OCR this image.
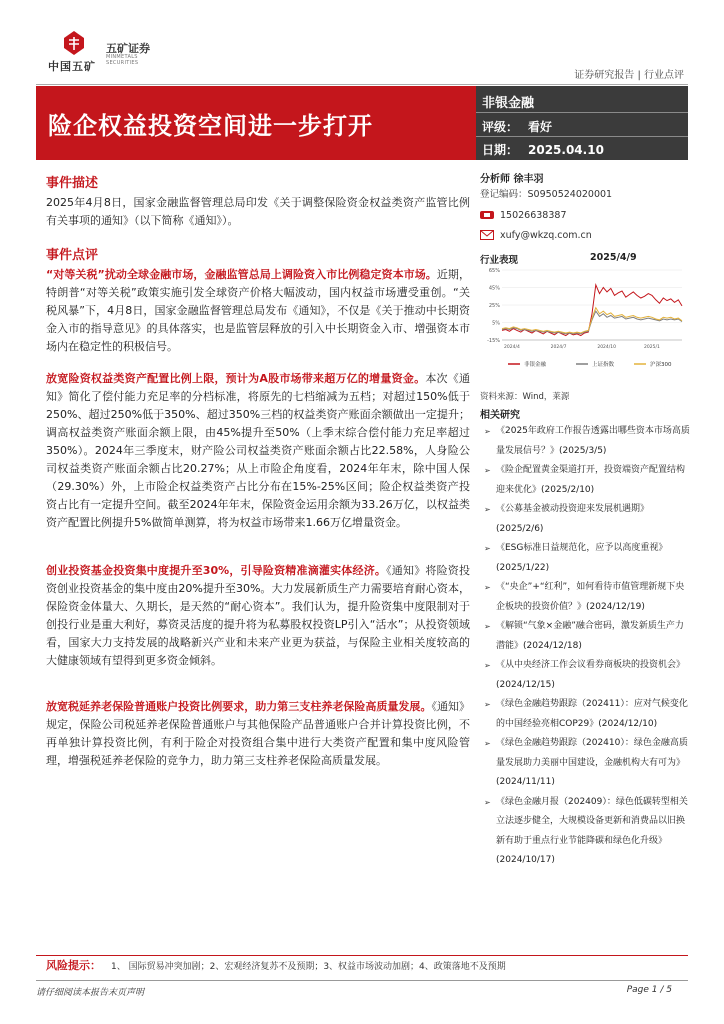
中国五矿
五矿证券
MINMETALS SECURITIES
证券研究报告 | 行业点评
险企权益投资空间进一步打开
非银金融
评级： 看好
日期： 2025.04.10
事件描述
2025年4月8日，国家金融监督管理总局印发《关于调整保险资金权益类资产监管比例有关事项的通知》（以下简称《通知》）。
事件点评
“对等关税”扰动全球金融市场，金融监管总局上调险资入市比例稳定资本市场。近期，特朗普“对等关税”政策实施引发全球资产价格大幅波动，国内权益市场遭受重创。“关税风暴”下，4月8日，国家金融监督管理总局发布《通知》，不仅是《关于推动中长期资金入市的指导意见》的具体落实，也是监管层释放的引入中长期资金入市、增强资本市场内在稳定性的积极信号。
放宽险资权益类资产配置比例上限，预计为A股市场带来超万亿的增量资金。本次《通知》简化了偿付能力充足率的分档标准，将原先的七档缩减为五档；对超过150%低于250%、超过250%低于350%、超过350%三档的权益类资产账面余额做出一定提升；调高权益类资产账面余额上限，由45%提升至50%（上季末综合偿付能力充足率超过350%）。2024年三季度末，财产险公司权益类资产账面余额占比22.58%，人身险公司权益类资产账面余额占比20.27%；从上市险企角度看，2024年年末，除中国人保（29.30%）外，上市险企权益类资产占比分布在15%-25%区间；险企权益类资产投资占比有一定提升空间。截至2024年年末，保险资金运用余额为33.26万亿，以权益类资产配置比例提升5%做简单测算，将为权益市场带来1.66万亿增量资金。
创业投资基金投资集中度提升至30%，引导险资精准滴灌实体经济。《通知》将险资投资创业投资基金的集中度由20%提升至30%。大力发展新质生产力需要培育耐心资本，保险资金体量大、久期长，是天然的“耐心资本”。我们认为，提升险资集中度限制对于创投行业是重大利好，募资灵活度的提升将为私募股权投资LP引入“活水”；从投资领域看，国家大力支持发展的战略新兴产业和未来产业更为获益，与保险主业相关度较高的大健康领域有望得到更多资金倾斜。
放宽税延养老保险普通账户投资比例要求，助力第三支柱养老保险高质量发展。《通知》规定，保险公司税延养老保险普通账户与其他保险产品普通账户合并计算投资比例，不再单独计算投资比例，有利于险企对投资组合集中进行大类资产配置和集中度风险管理，增强税延养老保险的竞争力，助力第三支柱养老保险高质量发展。
分析师 徐丰羽
登记编码：S0950524020001
15026638387
xufy@wkzq.com.cn
行业表现	2025/4/9
65%
45%
25%
5%
-15%
2024/4	2024/7	2024/10	2025/1
非银金融	上证指数	沪深300
资料来源：Wind，莱源
相关研究
➢ 《2025年政府工作报告透露出哪些资本市场高质量发展信号？》(2025/3/5)
➢ 《险企配置黄金渠道打开，投资端资产配置结构迎来优化》(2025/2/10)
➢ 《公募基金被动投资迎来发展机遇期》(2025/2/6)
➢ 《ESG标准日益规范化，应予以高度重视》(2025/1/22)
➢ 《“央企”+“红利”，如何看待市值管理新规下央企板块的投资价值？》(2024/12/19)
➢ 《解锁“气象×金融”融合密码，激发新质生产力潜能》(2024/12/18)
➢ 《从中央经济工作会议看券商板块的投资机会》(2024/12/15)
➢ 《绿色金融趋势跟踪（202411）：应对气候变化的中国经验亮相COP29》(2024/12/10)
➢ 《绿色金融趋势跟踪（202410）：绿色金融高质量发展助力美丽中国建设，金融机构大有可为》(2024/11/11)
➢ 《绿色金融月报（202409）：绿色低碳转型相关立法逐步健全，大规模设备更新和消费品以旧换新有助于重点行业节能降碳和绿色化升级》(2024/10/17)
风险提示： 1、 国际贸易冲突加剧；2、宏观经济复苏不及预期；3、权益市场波动加剧；4、政策落地不及预期
请仔细阅读本报告末页声明	Page 1 / 5
